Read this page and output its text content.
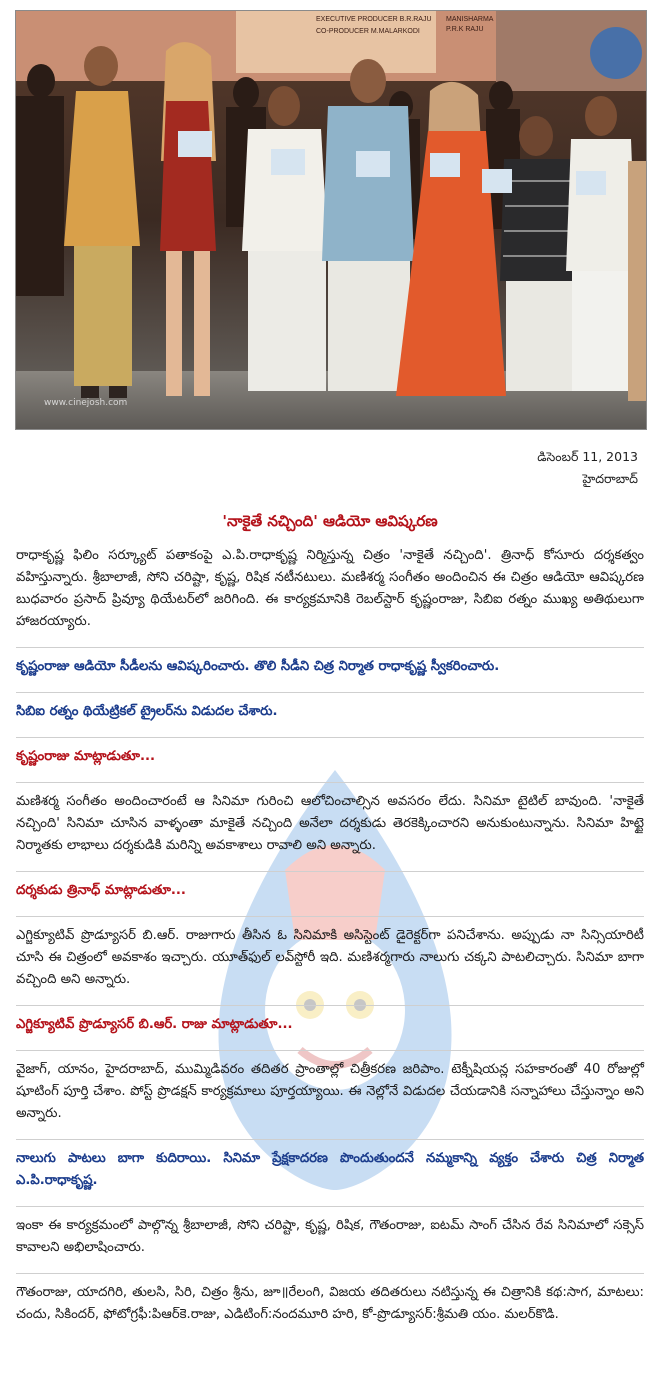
EXECUTIVE PRODUCER B.R.RAJU
CO-PRODUCER M.MALARKODI
MANISHARMA
P.R.K RAJU
www.cinejosh.com
డిసెంబర్ 11, 2013
హైదరాబాద్
'నాకైతే నచ్చింది' ఆడియో ఆవిష్కరణ

రాధాకృష్ణ ఫిలిం సర్క్యూట్ పతాకంపై ఎ.పి.రాధాకృష్ణ నిర్మిస్తున్న చిత్రం 'నాకైతే నచ్చింది'. త్రినాధ్ కోసూరు దర్శకత్వం వహిస్తున్నారు. శ్రీబాలాజీ, సోని చరిష్టా, కృష్ణ, రిషిక నటీనటులు. మణిశర్మ సంగీతం అందించిన ఈ చిత్రం ఆడియో ఆవిష్కరణ బుధవారం ప్రసాద్ ప్రివ్యూ థియేటర్‌లో జరిగింది. ఈ కార్యక్రమానికి రెబల్‌స్టార్ కృష్ణంరాజు, సిబిఐ రత్నం ముఖ్య అతిథులుగా హాజరయ్యారు.

కృష్ణంరాజు ఆడియో సీడీలను ఆవిష్కరించారు. తొలి సీడీని చిత్ర నిర్మాత రాధాకృష్ణ స్వీకరించారు.

సిబిఐ రత్నం థియేట్రికల్ ట్రైలర్‌ను విడుదల చేశారు.

కృష్ణంరాజు మాట్లాడుతూ...

మణిశర్మ సంగీతం అందించారంటే ఆ సినిమా గురించి ఆలోచించాల్సిన అవసరం లేదు. సినిమా టైటిల్ బావుంది. 'నాకైతే నచ్చింది' సినిమా చూసిన వాళ్ళంతా మాకైతే నచ్చింది అనేలా దర్శకుడు తెరకెక్కించారని అనుకుంటున్నాను. సినిమా హిట్టై నిర్మాతకు లాభాలు దర్శకుడికి మరిన్ని అవకాశాలు రావాలి అని అన్నారు.

దర్శకుడు త్రినాధ్ మాట్లాడుతూ...

ఎగ్జిక్యూటివ్ ప్రొడ్యూసర్ బి.ఆర్. రాజుగారు తీసిన ఓ సినిమాకి అసిస్టెంట్ డైరెక్టర్‌గా పనిచేశాను. అప్పుడు నా సిన్సియారిటీ చూసి ఈ చిత్రంలో అవకాశం ఇచ్చారు. యూత్‌ఫుల్ లవ్‌స్టోరీ ఇది. మణిశర్మగారు నాలుగు చక్కని పాటలిచ్చారు. సినిమా బాగా వచ్చింది అని అన్నారు.

ఎగ్జిక్యూటివ్ ప్రొడ్యూసర్ బి.ఆర్. రాజు మాట్లాడుతూ...

వైజాగ్, యానం, హైదరాబాద్, ముమ్మిడివరం తదితర ప్రాంతాల్లో చిత్రీకరణ జరిపాం. టెక్నీషియన్ల సహకారంతో 40 రోజుల్లో షూటింగ్ పూర్తి చేశాం. పోస్ట్ ప్రొడక్షన్ కార్యక్రమాలు పూర్తయ్యాయి. ఈ నెల్లోనే విడుదల చేయడానికి సన్నాహాలు చేస్తున్నాం అని అన్నారు.

నాలుగు పాటలు బాగా కుదిరాయి. సినిమా ప్రేక్షకాదరణ పొందుతుందనే నమ్మకాన్ని వ్యక్తం చేశారు చిత్ర నిర్మాత ఎ.పి.రాధాకృష్ణ.

ఇంకా ఈ కార్యక్రమంలో పాల్గొన్న శ్రీబాలాజీ, సోని చరిష్టా, కృష్ణ, రిషిక, గౌతంరాజు, ఐటమ్ సాంగ్ చేసిన రేవ సినిమాలో సక్సెస్ కావాలని అభిలాషించారు.

గౌతంరాజు, యాదగిరి, తులసి, సిరి, చిత్రం శ్రీను, జూ॥రేలంగి, విజయ తదితరులు నటిస్తున్న ఈ చిత్రానికి కథ:సాగ, మాటలు: చందు, సికిందర్, ఫోటోగ్రఫీ:పిఆర్‌కె.రాజు, ఎడిటింగ్:నందమూరి హరి, కో-ప్రొడ్యూసర్:శ్రీమతి యం. మలర్‌కొడి.
